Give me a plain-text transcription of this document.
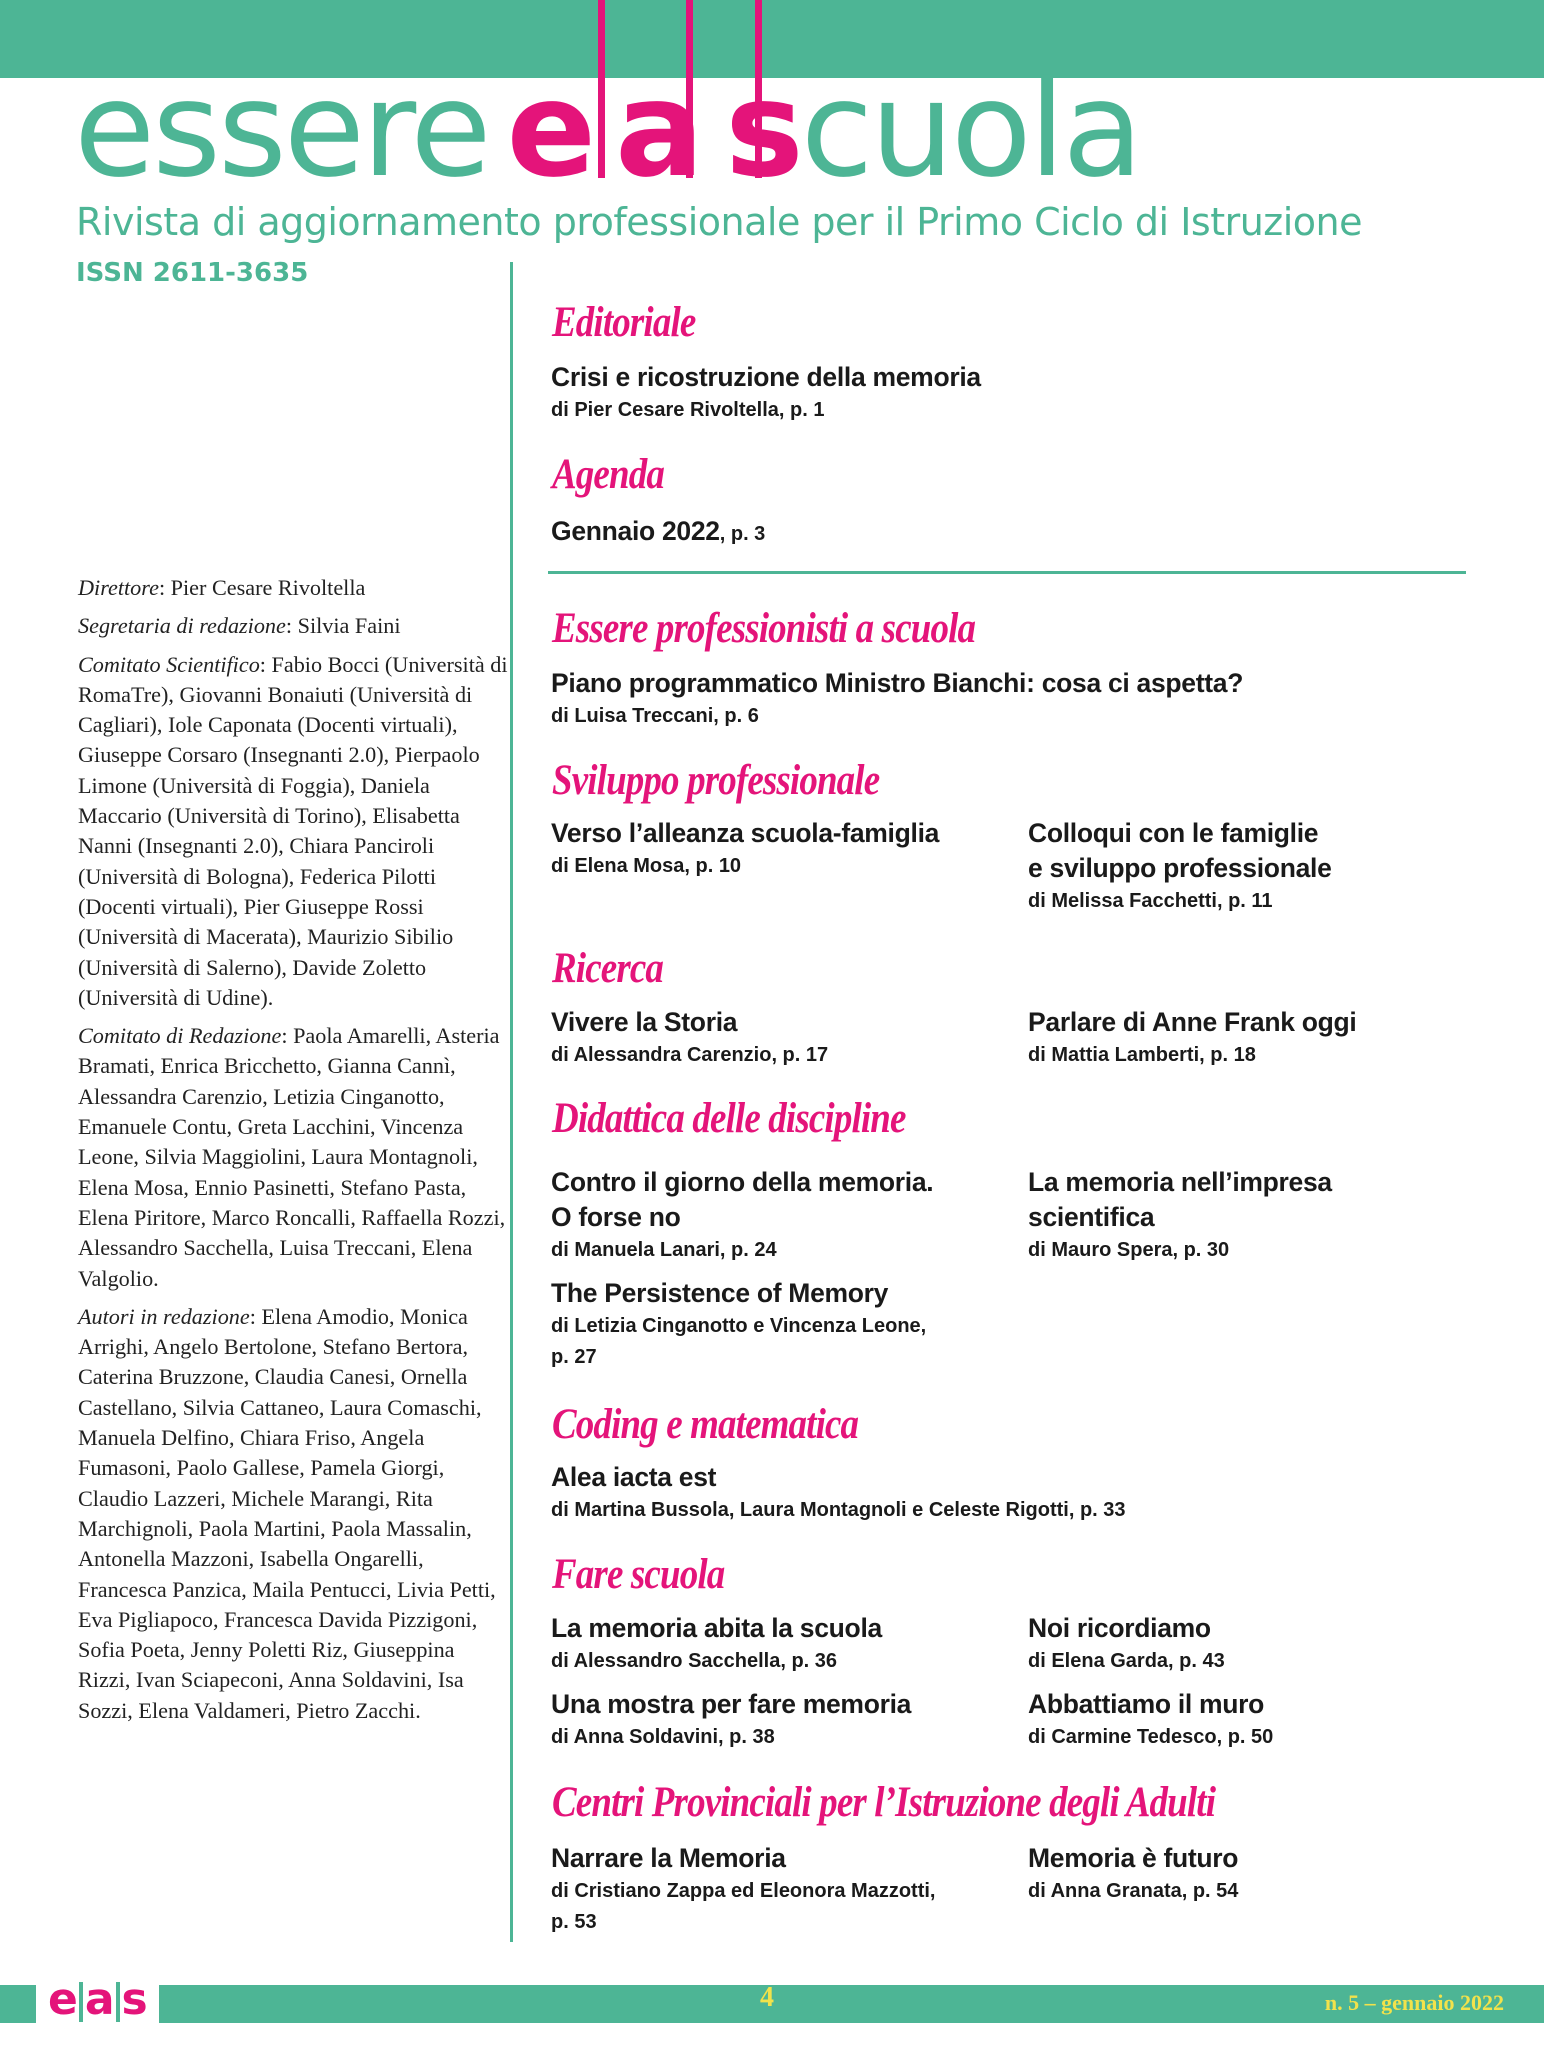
essere e a scuola
Rivista di aggiornamento professionale per il Primo Ciclo di Istruzione
ISSN 2611-3635

Direttore: Pier Cesare Rivoltella

Segretaria di redazione: Silvia Faini

Comitato Scientifico: Fabio Bocci (Università di RomaTre), Giovanni Bonaiuti (Università di Cagliari), Iole Caponata (Docenti virtuali), Giuseppe Corsaro (Insegnanti 2.0), Pierpaolo Limone (Università di Foggia), Daniela Maccario (Università di Torino), Elisabetta Nanni (Insegnanti 2.0), Chiara Panciroli (Università di Bologna), Federica Pilotti (Docenti virtuali), Pier Giuseppe Rossi (Università di Macerata), Maurizio Sibilio (Università di Salerno), Davide Zoletto (Università di Udine).

Comitato di Redazione: Paola Amarelli, Asteria Bramati, Enrica Bricchetto, Gianna Cannì, Alessandra Carenzio, Letizia Cinganotto, Emanuele Contu, Greta Lacchini, Vincenza Leone, Silvia Maggiolini, Laura Montagnoli, Elena Mosa, Ennio Pasinetti, Stefano Pasta, Elena Piritore, Marco Roncalli, Raffaella Rozzi, Alessandro Sacchella, Luisa Treccani, Elena Valgolio.

Autori in redazione: Elena Amodio, Monica Arrighi, Angelo Bertolone, Stefano Bertora, Caterina Bruzzone, Claudia Canesi, Ornella Castellano, Silvia Cattaneo, Laura Comaschi, Manuela Delfino, Chiara Friso, Angela Fumasoni, Paolo Gallese, Pamela Giorgi, Claudio Lazzeri, Michele Marangi, Rita Marchignoli, Paola Martini, Paola Massalin, Antonella Mazzoni, Isabella Ongarelli, Francesca Panzica, Maila Pentucci, Livia Petti, Eva Pigliapoco, Francesca Davida Pizzigoni, Sofia Poeta, Jenny Poletti Riz, Giuseppina Rizzi, Ivan Sciapeconi, Anna Soldavini, Isa Sozzi, Elena Valdameri, Pietro Zacchi.

Editoriale
Crisi e ricostruzione della memoria
di Pier Cesare Rivoltella, p. 1
Agenda
Gennaio 2022, p. 3
Essere professionisti a scuola
Piano programmatico Ministro Bianchi: cosa ci aspetta?
di Luisa Treccani, p. 6
Sviluppo professionale
Verso l’alleanza scuola-famiglia
di Elena Mosa, p. 10
Colloqui con le famiglie
e sviluppo professionale
di Melissa Facchetti, p. 11
Ricerca
Vivere la Storia
di Alessandra Carenzio, p. 17
Parlare di Anne Frank oggi
di Mattia Lamberti, p. 18
Didattica delle discipline
Contro il giorno della memoria.
O forse no
di Manuela Lanari, p. 24
La memoria nell’impresa
scientifica
di Mauro Spera, p. 30
The Persistence of Memory
di Letizia Cinganotto e Vincenza Leone,
p. 27
Coding e matematica
Alea iacta est
di Martina Bussola, Laura Montagnoli e Celeste Rigotti, p. 33
Fare scuola
La memoria abita la scuola
di Alessandro Sacchella, p. 36
Noi ricordiamo
di Elena Garda, p. 43
Una mostra per fare memoria
di Anna Soldavini, p. 38
Abbattiamo il muro
di Carmine Tedesco, p. 50
Centri Provinciali per l’Istruzione degli Adulti
Narrare la Memoria
di Cristiano Zappa ed Eleonora Mazzotti,
p. 53
Memoria è futuro
di Anna Granata, p. 54
e a s	4	n. 5 – gennaio 2022
